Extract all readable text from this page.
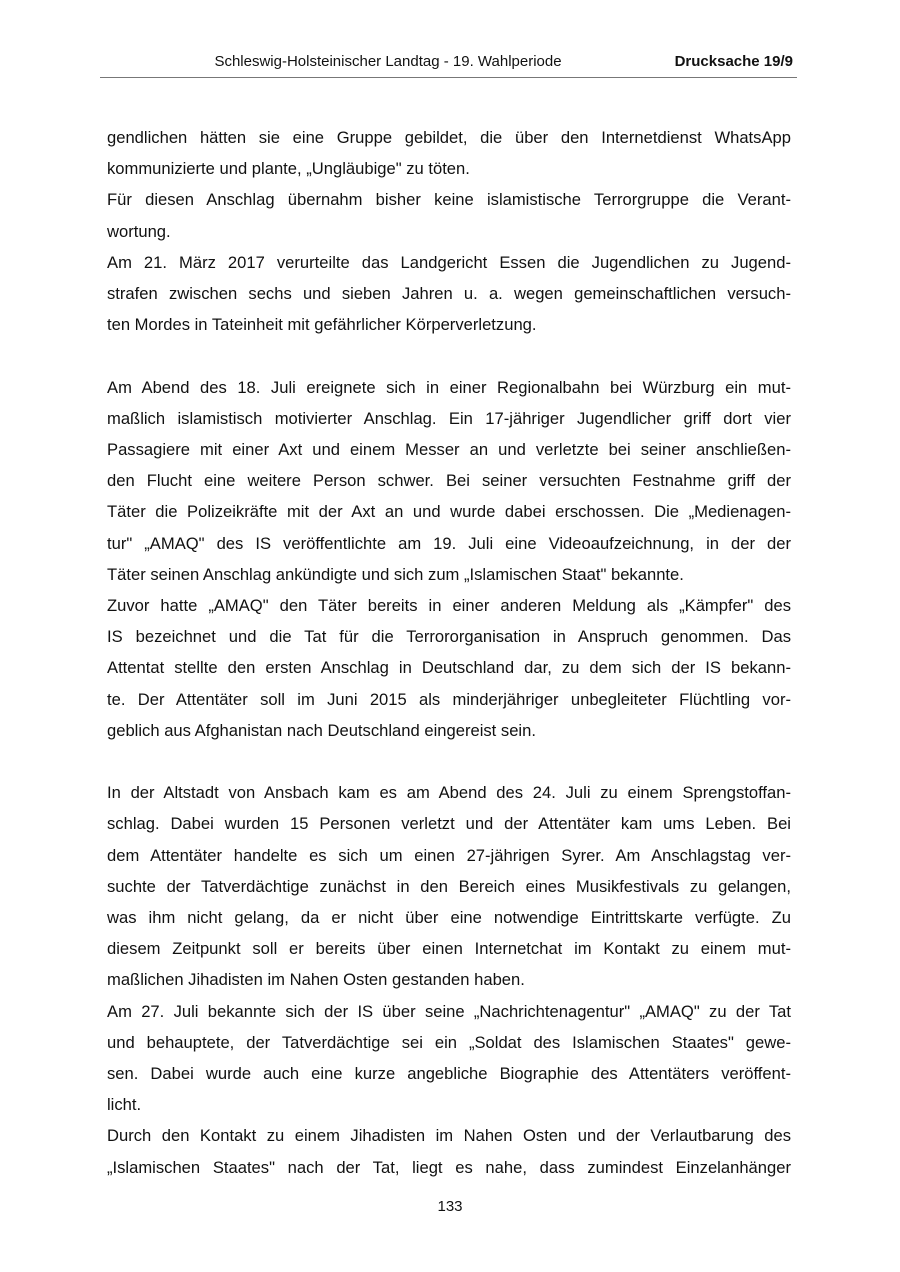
Schleswig-Holsteinischer Landtag - 19. Wahlperiode	Drucksache 19/9

gendlichen hätten sie eine Gruppe gebildet, die über den Internetdienst WhatsApp
kommunizierte und plante, „Ungläubige" zu töten.

Für diesen Anschlag übernahm bisher keine islamistische Terrorgruppe die Verant-
wortung.

Am 21. März 2017 verurteilte das Landgericht Essen die Jugendlichen zu Jugend-
strafen zwischen sechs und sieben Jahren u. a. wegen gemeinschaftlichen versuch-
ten Mordes in Tateinheit mit gefährlicher Körperverletzung.

Am Abend des 18. Juli ereignete sich in einer Regionalbahn bei Würzburg ein mut-
maßlich islamistisch motivierter Anschlag. Ein 17-jähriger Jugendlicher griff dort vier
Passagiere mit einer Axt und einem Messer an und verletzte bei seiner anschließen-
den Flucht eine weitere Person schwer. Bei seiner versuchten Festnahme griff der
Täter die Polizeikräfte mit der Axt an und wurde dabei erschossen. Die „Medienagen-
tur" „AMAQ" des IS veröffentlichte am 19. Juli eine Videoaufzeichnung, in der der
Täter seinen Anschlag ankündigte und sich zum „Islamischen Staat" bekannte.

Zuvor hatte „AMAQ" den Täter bereits in einer anderen Meldung als „Kämpfer" des
IS bezeichnet und die Tat für die Terrororganisation in Anspruch genommen. Das
Attentat stellte den ersten Anschlag in Deutschland dar, zu dem sich der IS bekann-
te. Der Attentäter soll im Juni 2015 als minderjähriger unbegleiteter Flüchtling vor-
geblich aus Afghanistan nach Deutschland eingereist sein.

In der Altstadt von Ansbach kam es am Abend des 24. Juli zu einem Sprengstoffan-
schlag. Dabei wurden 15 Personen verletzt und der Attentäter kam ums Leben. Bei
dem Attentäter handelte es sich um einen 27-jährigen Syrer. Am Anschlagstag ver-
suchte der Tatverdächtige zunächst in den Bereich eines Musikfestivals zu gelangen,
was ihm nicht gelang, da er nicht über eine notwendige Eintrittskarte verfügte. Zu
diesem Zeitpunkt soll er bereits über einen Internetchat im Kontakt zu einem mut-
maßlichen Jihadisten im Nahen Osten gestanden haben.

Am 27. Juli bekannte sich der IS über seine „Nachrichtenagentur" „AMAQ" zu der Tat
und behauptete, der Tatverdächtige sei ein „Soldat des Islamischen Staates" gewe-
sen. Dabei wurde auch eine kurze angebliche Biographie des Attentäters veröffent-
licht.

Durch den Kontakt zu einem Jihadisten im Nahen Osten und der Verlautbarung des
„Islamischen Staates" nach der Tat, liegt es nahe, dass zumindest Einzelanhänger

133
